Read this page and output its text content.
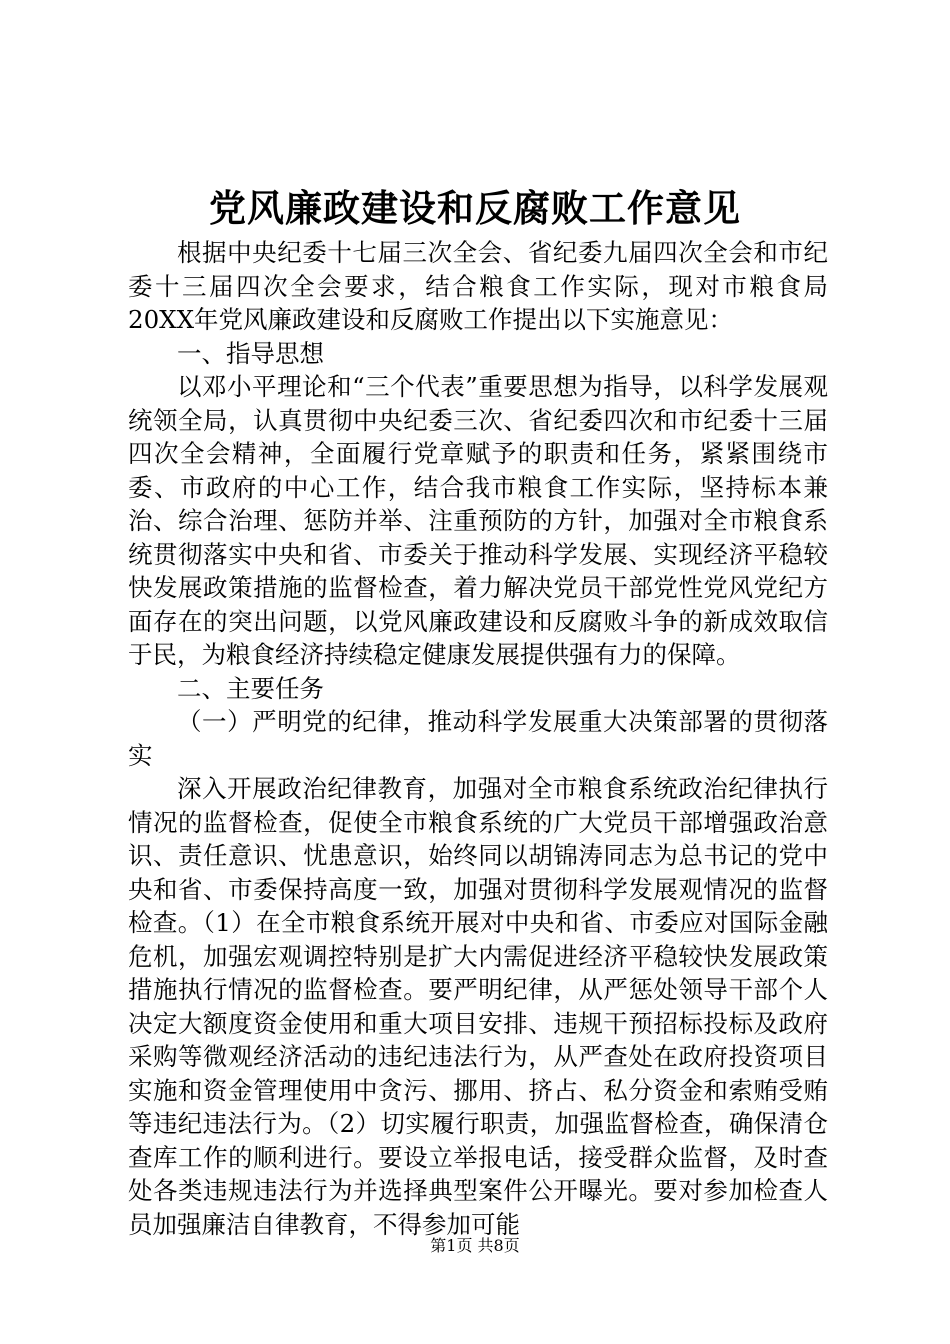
党风廉政建设和反腐败工作意见

根据中央纪委十七届三次全会、省纪委九届四次全会和市纪委十三届四次全会要求，结合粮食工作实际，现对市粮食局20XX年党风廉政建设和反腐败工作提出以下实施意见：

一、指导思想

以邓小平理论和“三个代表”重要思想为指导，以科学发展观统领全局，认真贯彻中央纪委三次、省纪委四次和市纪委十三届四次全会精神，全面履行党章赋予的职责和任务，紧紧围绕市委、市政府的中心工作，结合我市粮食工作实际，坚持标本兼治、综合治理、惩防并举、注重预防的方针，加强对全市粮食系统贯彻落实中央和省、市委关于推动科学发展、实现经济平稳较快发展政策措施的监督检查，着力解决党员干部党性党风党纪方面存在的突出问题，以党风廉政建设和反腐败斗争的新成效取信于民，为粮食经济持续稳定健康发展提供强有力的保障。

二、主要任务

（一）严明党的纪律，推动科学发展重大决策部署的贯彻落实

深入开展政治纪律教育，加强对全市粮食系统政治纪律执行情况的监督检查，促使全市粮食系统的广大党员干部增强政治意识、责任意识、忧患意识，始终同以胡锦涛同志为总书记的党中央和省、市委保持高度一致，加强对贯彻科学发展观情况的监督检查。（1）在全市粮食系统开展对中央和省、市委应对国际金融危机，加强宏观调控特别是扩大内需促进经济平稳较快发展政策措施执行情况的监督检查。要严明纪律，从严惩处领导干部个人决定大额度资金使用和重大项目安排、违规干预招标投标及政府采购等微观经济活动的违纪违法行为，从严查处在政府投资项目实施和资金管理使用中贪污、挪用、挤占、私分资金和索贿受贿等违纪违法行为。（2）切实履行职责，加强监督检查，确保清仓查库工作的顺利进行。要设立举报电话，接受群众监督，及时查处各类违规违法行为并选择典型案件公开曝光。要对参加检查人员加强廉洁自律教育，不得参加可能

第1页 共8页
